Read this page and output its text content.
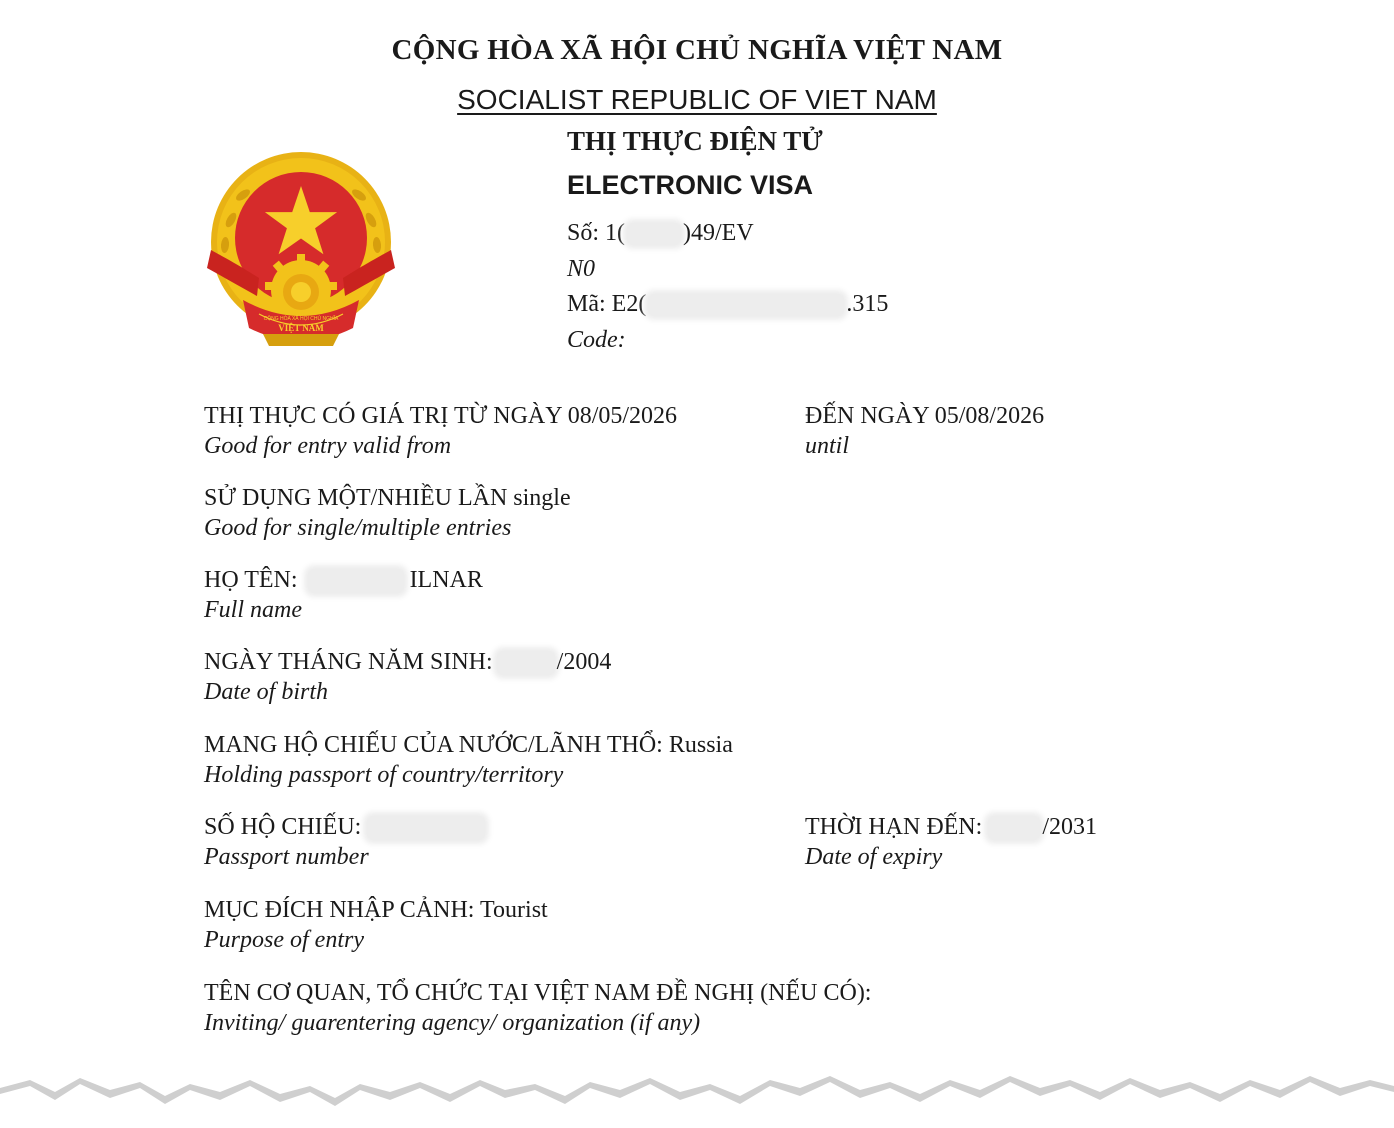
CỘNG HÒA XÃ HỘI CHỦ NGHĨA VIỆT NAM
SOCIALIST REPUBLIC OF VIET NAM
THỊ THỰC ĐIỆN TỬ
ELECTRONIC VISA
VIỆT NAM
CỘNG HÒA XÃ HỘI CHỦ NGHĨA
Số: 1( )49/EV
N0
Mã: E2(	.315
Code:
THỊ THỰC CÓ GIÁ TRỊ TỪ NGÀY 08/05/2026
Good for entry valid from
ĐẾN NGÀY 05/08/2026
until
SỬ DỤNG MỘT/NHIỀU LẦN single
Good for single/multiple entries
HỌ TÊN:	ILNAR
Full name
NGÀY THÁNG NĂM SINH:	/2004
Date of birth
MANG HỘ CHIẾU CỦA NƯỚC/LÃNH THỔ: Russia
Holding passport of country/territory
SỐ HỘ CHIẾU:
Passport number
THỜI HẠN ĐẾN:	/2031
Date of expiry
MỤC ĐÍCH NHẬP CẢNH: Tourist
Purpose of entry
TÊN CƠ QUAN, TỔ CHỨC TẠI VIỆT NAM ĐỀ NGHỊ (NẾU CÓ):
Inviting/ guarentering agency/ organization (if any)
